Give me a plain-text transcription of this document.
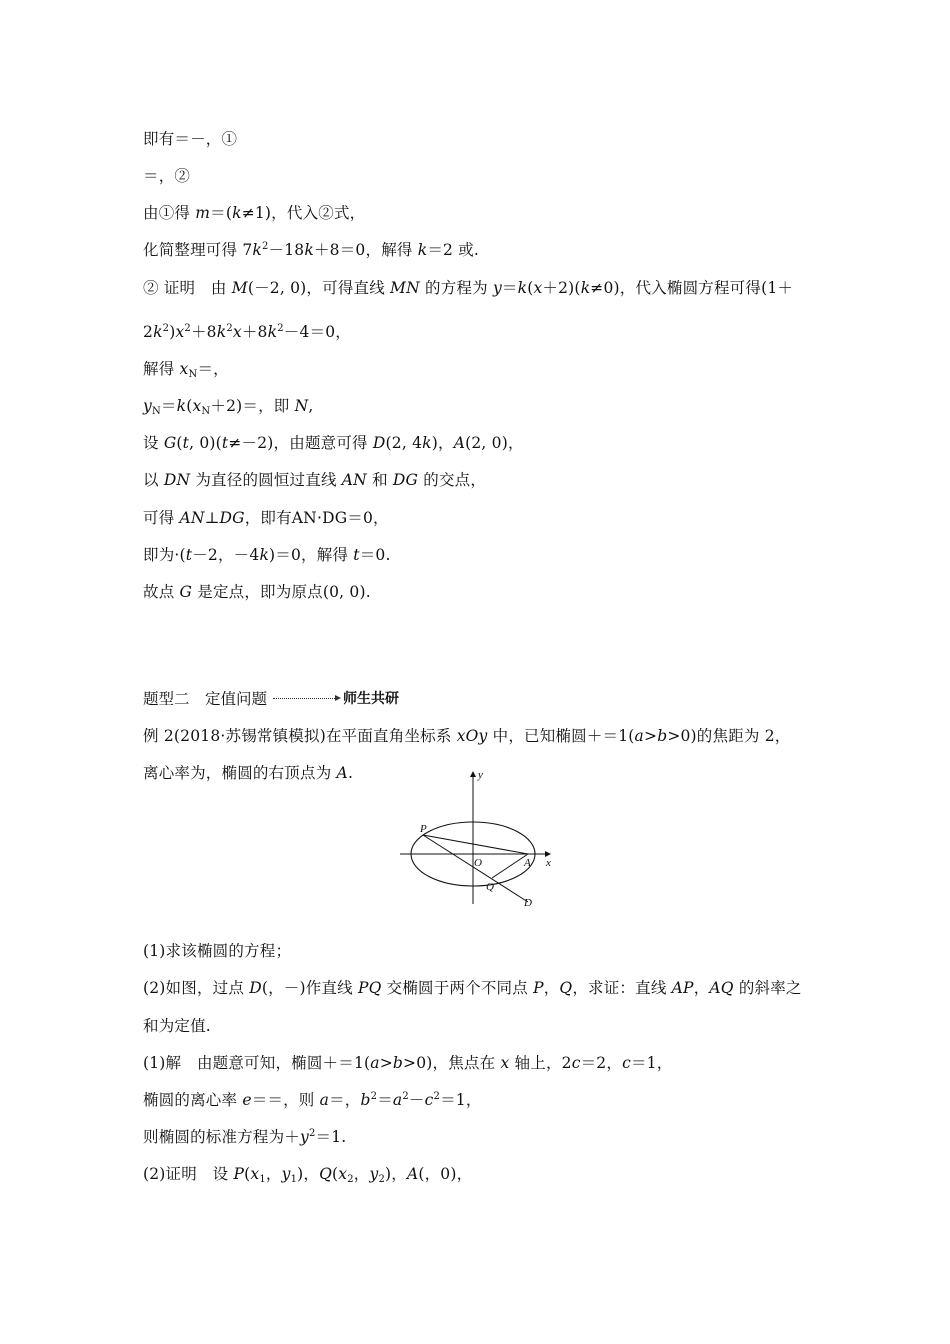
即有＝－，①
＝，②
由①得 m＝(k≠1)，代入②式，
化简整理可得 $7k^2-18k+8=0$，解得 k＝2 或.
② 证明　由 M(－2, 0)，可得直线 MN 的方程为 y＝k(x＋2)(k≠0)，代入椭圆方程可得(1＋
$2k^2)x^2+8k^2x+8k^2-4=0$，
解得 $x_N=$，
$y_N=k(x_N+2)=$，即 N,
设 G(t, 0)(t≠－2)，由题意可得 D(2, 4k)，A(2, 0)，
以 DN 为直径的圆恒过直线 AN 和 DG 的交点，
可得 AN⊥DG，即有AN·DG＝0，
即为·(t－2，－4k)＝0，解得 t＝0.
故点 G 是定点，即为原点(0, 0).
例 2(2018·苏锡常镇模拟)在平面直角坐标系 xOy 中，已知椭圆＋＝1(a>b>0)的焦距为 2，
离心率为，椭圆的右顶点为 A.
(1)求该椭圆的方程；
(2)如图，过点 D(，－)作直线 PQ 交椭圆于两个不同点 P，Q，求证：直线 AP，AQ 的斜率之
和为定值.
(1)解　由题意可知，椭圆＋＝1(a>b>0)，焦点在 x 轴上，2c＝2，c＝1，
椭圆的离心率 e＝＝，则 a＝，$b^2=a^2-c^2=1$，
则椭圆的标准方程为$+y^2=1$.
(2)证明　设 $P(x_1$，$y_1$)，$Q(x_2$，$y_2$)，A(，0)，
题型二　定值问题	师生共研
y
x
P
O	A
Q
D
